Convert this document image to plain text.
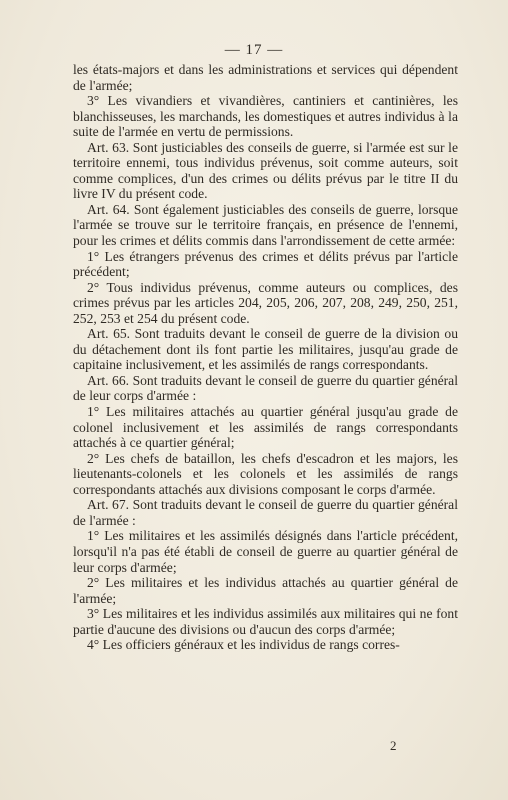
— 17 —

les états-majors et dans les administrations et services qui dépendent de l'armée;

3° Les vivandiers et vivandières, cantiniers et cantinières, les blanchisseuses, les marchands, les domestiques et autres individus à la suite de l'armée en vertu de permissions.

Art. 63. Sont justiciables des conseils de guerre, si l'armée est sur le territoire ennemi, tous individus prévenus, soit comme auteurs, soit comme complices, d'un des crimes ou délits prévus par le titre II du livre IV du présent code.

Art. 64. Sont également justiciables des conseils de guerre, lorsque l'armée se trouve sur le territoire français, en présence de l'ennemi, pour les crimes et délits commis dans l'arrondissement de cette armée:

1° Les étrangers prévenus des crimes et délits prévus par l'article précédent;

2° Tous individus prévenus, comme auteurs ou complices, des crimes prévus par les articles 204, 205, 206, 207, 208, 249, 250, 251, 252, 253 et 254 du présent code.

Art. 65. Sont traduits devant le conseil de guerre de la division ou du détachement dont ils font partie les militaires, jusqu'au grade de capitaine inclusivement, et les assimilés de rangs correspondants.

Art. 66. Sont traduits devant le conseil de guerre du quartier général de leur corps d'armée :

1° Les militaires attachés au quartier général jusqu'au grade de colonel inclusivement et les assimilés de rangs correspondants attachés à ce quartier général;

2° Les chefs de bataillon, les chefs d'escadron et les majors, les lieutenants-colonels et les colonels et les assimilés de rangs correspondants attachés aux divisions composant le corps d'armée.

Art. 67. Sont traduits devant le conseil de guerre du quartier général de l'armée :

1° Les militaires et les assimilés désignés dans l'article précédent, lorsqu'il n'a pas été établi de conseil de guerre au quartier général de leur corps d'armée;

2° Les militaires et les individus attachés au quartier général de l'armée;

3° Les militaires et les individus assimilés aux militaires qui ne font partie d'aucune des divisions ou d'aucun des corps d'armée;

4° Les officiers généraux et les individus de rangs corres-

2
